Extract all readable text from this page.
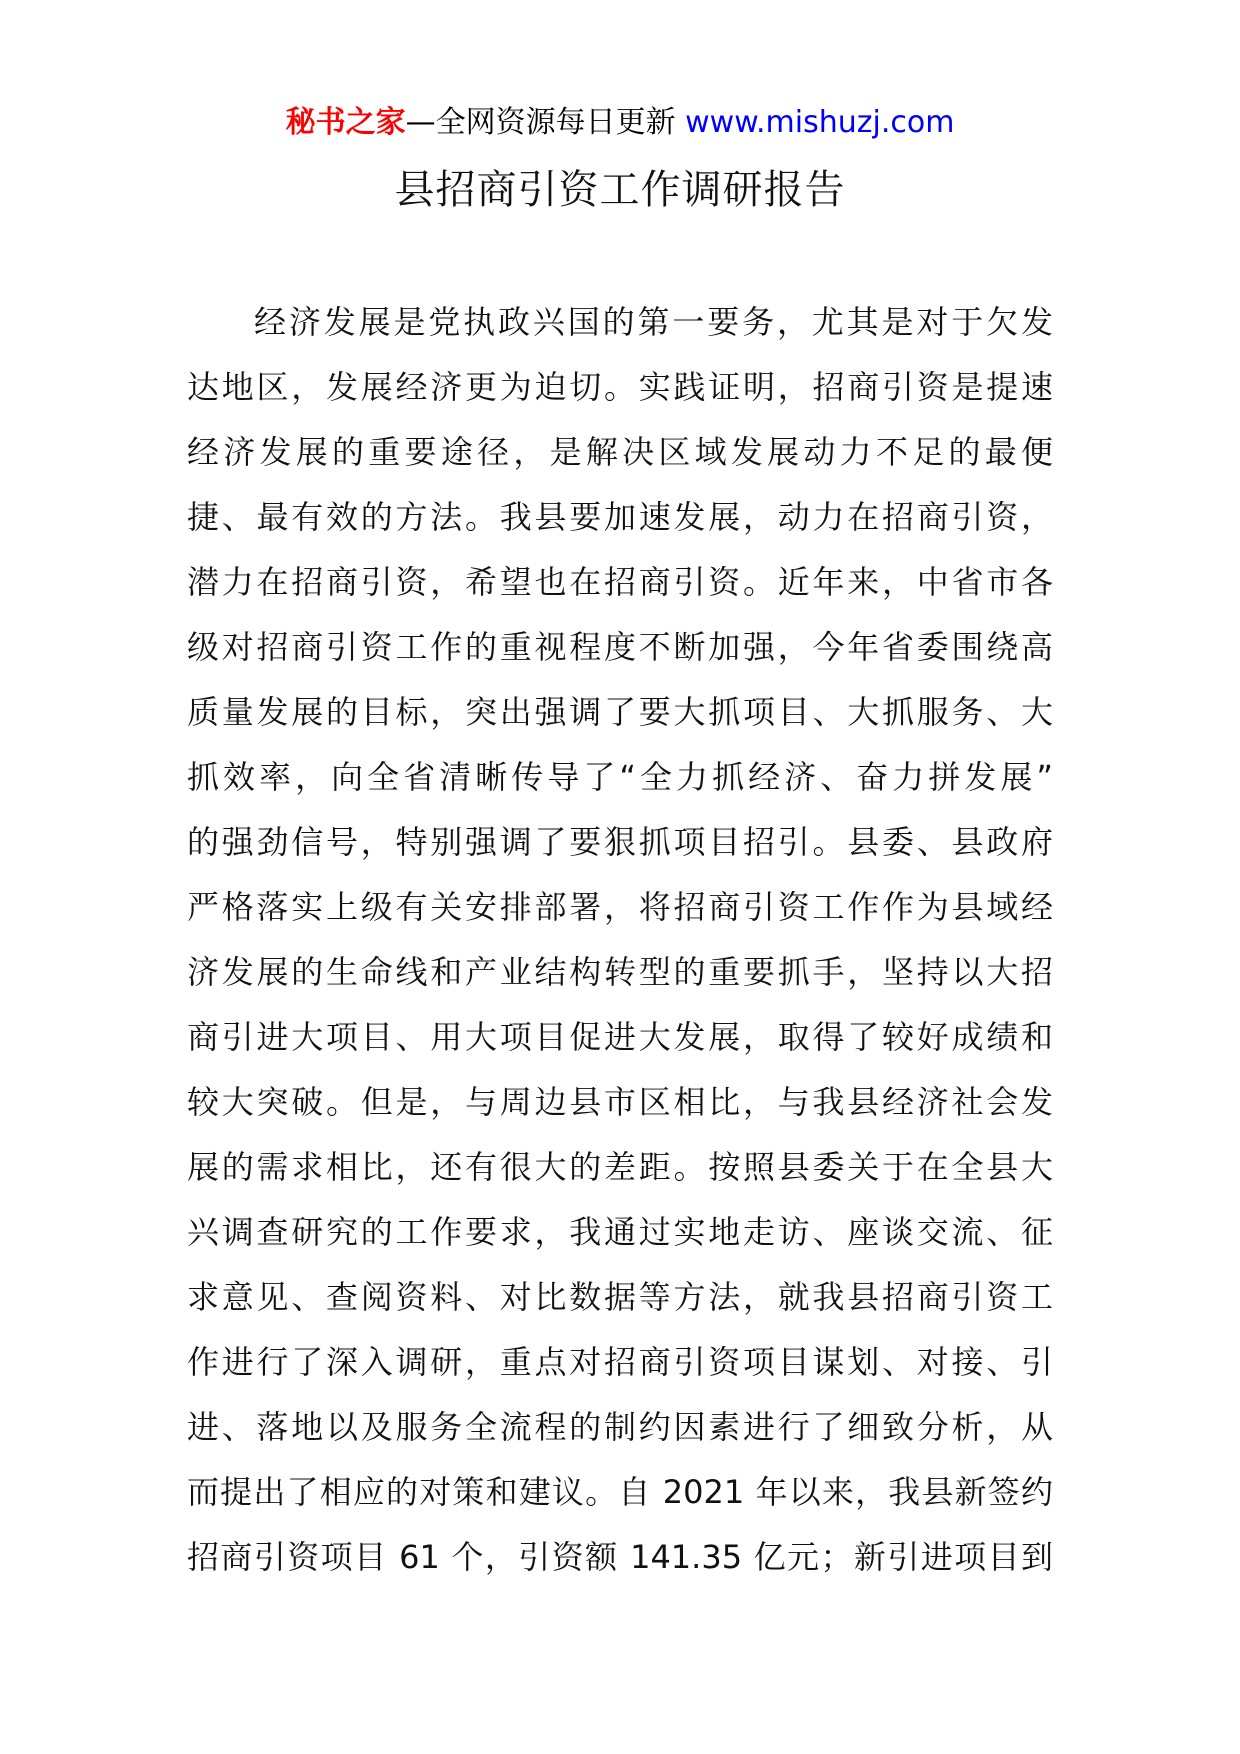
秘书之家—全网资源每日更新 www.mishuzj.com
县招商引资工作调研报告
经济发展是党执政兴国的第一要务，尤其是对于欠发
达地区，发展经济更为迫切。实践证明，招商引资是提速
经济发展的重要途径，是解决区域发展动力不足的最便
捷、最有效的方法。我县要加速发展，动力在招商引资，
潜力在招商引资，希望也在招商引资。近年来，中省市各
级对招商引资工作的重视程度不断加强，今年省委围绕高
质量发展的目标，突出强调了要大抓项目、大抓服务、大
抓效率，向全省清晰传导了“全力抓经济、奋力拼发展”
的强劲信号，特别强调了要狠抓项目招引。县委、县政府
严格落实上级有关安排部署，将招商引资工作作为县域经
济发展的生命线和产业结构转型的重要抓手，坚持以大招
商引进大项目、用大项目促进大发展，取得了较好成绩和
较大突破。但是，与周边县市区相比，与我县经济社会发
展的需求相比，还有很大的差距。按照县委关于在全县大
兴调查研究的工作要求，我通过实地走访、座谈交流、征
求意见、查阅资料、对比数据等方法，就我县招商引资工
作进行了深入调研，重点对招商引资项目谋划、对接、引
进、落地以及服务全流程的制约因素进行了细致分析，从
而提出了相应的对策和建议。自 2021 年以来，我县新签约
招商引资项目 61 个，引资额 141.35 亿元；新引进项目到
